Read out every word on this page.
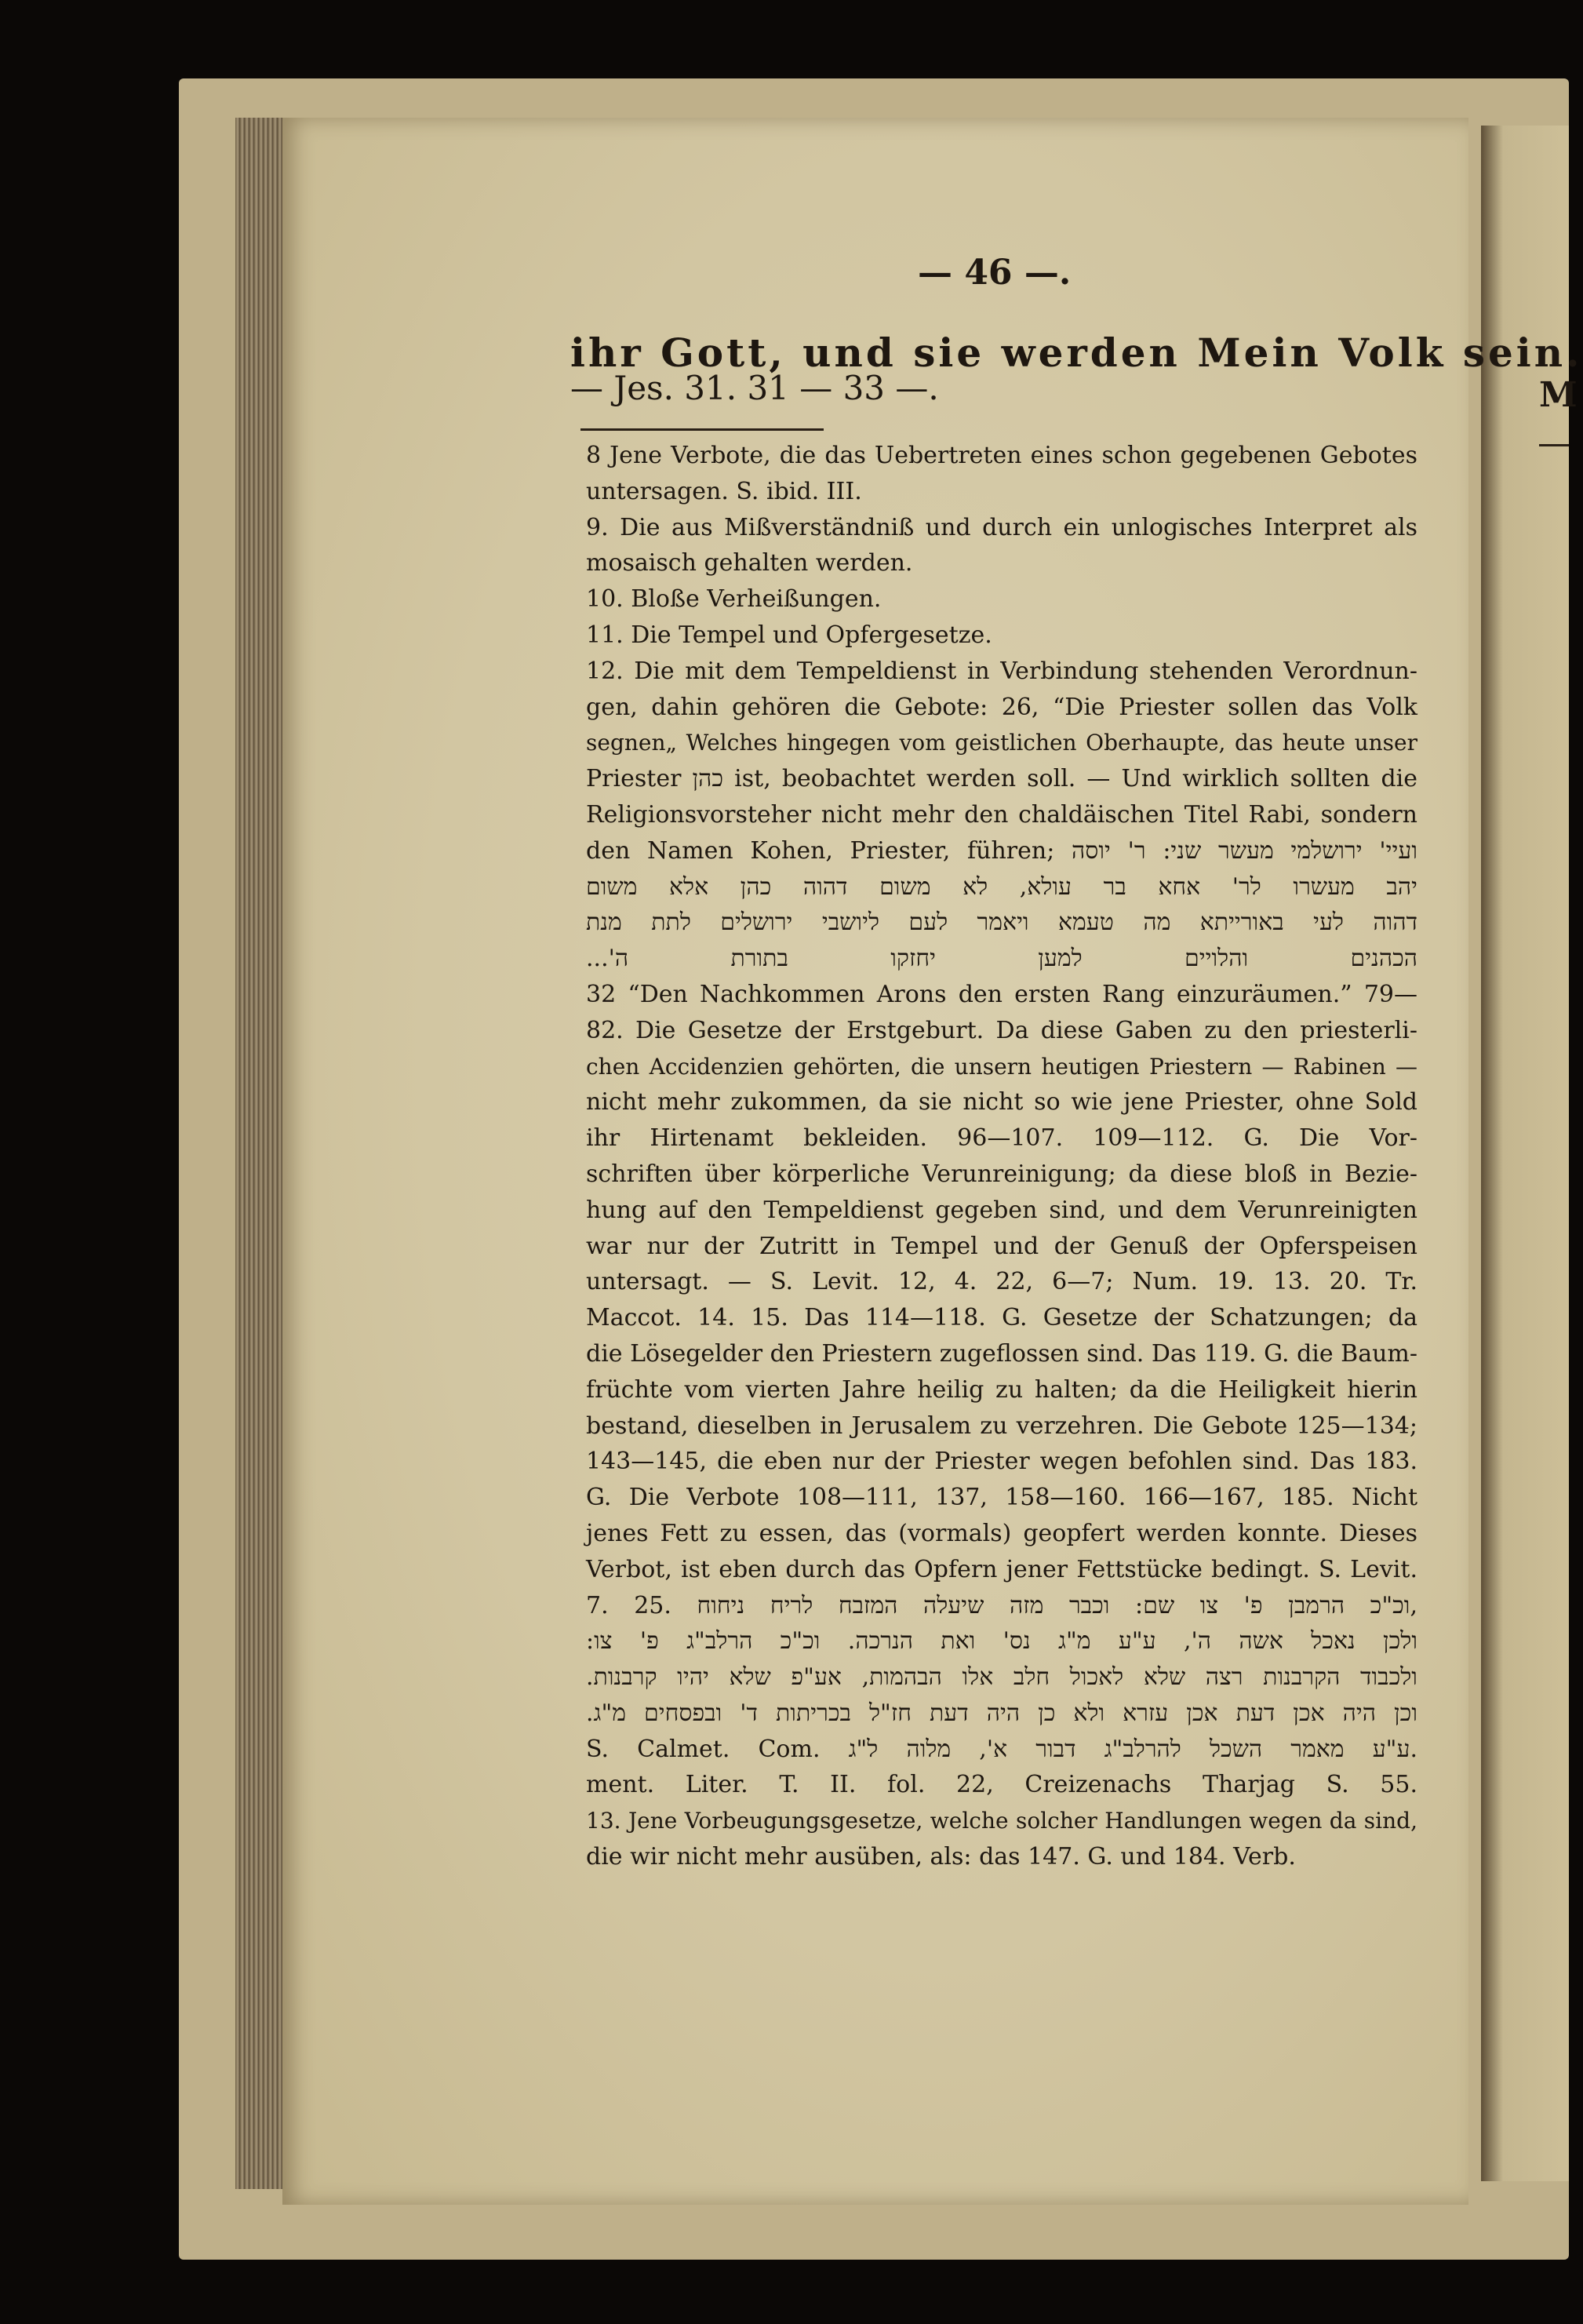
M
— 46 —.
ihr Gott, und sie werden Mein Volk sein.
— Jes. 31. 31 — 33 —.
8 Jene Verbote, die das Uebertreten eines schon gegebenen Gebotes
untersagen. S. ibid. III.
9. Die aus Mißverständniß und durch ein unlogisches Interpret als
mosaisch gehalten werden.
10. Bloße Verheißungen.
11. Die Tempel und Opfergesetze.
12. Die mit dem Tempeldienst in Verbindung stehenden Verordnun-
gen, dahin gehören die Gebote: 26, “Die Priester sollen das Volk
segnen„ Welches hingegen vom geistlichen Oberhaupte, das heute unser
Priester כהן ist, beobachtet werden soll. — Und wirklich sollten die
Religionsvorsteher nicht mehr den chaldäischen Titel Rabi, sondern
den Namen Kohen, Priester, führen; ועיי' ירושלמי מעשר שני: ר' יוסה
יהב מעשרו לר' אחא בר עולא, לא משום דהוה כהן אלא משום
דהוה לעי באורייתא מה טעמא ויאמר לעם ליושבי ירושלים לתת מנת
הכהנים והלויים למען יחזקו בתורת ה'...
32 “Den Nachkommen Arons den ersten Rang einzuräumen.” 79—
82. Die Gesetze der Erstgeburt. Da diese Gaben zu den priesterli-
chen Accidenzien gehörten, die unsern heutigen Priestern — Rabinen —
nicht mehr zukommen, da sie nicht so wie jene Priester, ohne Sold
ihr Hirtenamt bekleiden. 96—107. 109—112. G. Die Vor-
schriften über körperliche Verunreinigung; da diese bloß in Bezie-
hung auf den Tempeldienst gegeben sind, und dem Verunreinigten
war nur der Zutritt in Tempel und der Genuß der Opferspeisen
untersagt. — S. Levit. 12, 4. 22, 6—7; Num. 19. 13. 20. Tr.
Maccot. 14. 15. Das 114—118. G. Gesetze der Schatzungen; da
die Lösegelder den Priestern zugeflossen sind. Das 119. G. die Baum-
früchte vom vierten Jahre heilig zu halten; da die Heiligkeit hierin
bestand, dieselben in Jerusalem zu verzehren. Die Gebote 125—134;
143—145, die eben nur der Priester wegen befohlen sind. Das 183.
G. Die Verbote 108—111, 137, 158—160. 166—167, 185. Nicht
jenes Fett zu essen, das (vormals) geopfert werden konnte. Dieses
Verbot, ist eben durch das Opfern jener Fettstücke bedingt. S. Levit.
7. 25. וכ"כ הרמבן פ' צו שם: וכבר מזה שיעלה המזבח לריח ניחוח,
ולכן נאכל אשה ה', ע"ע מ"ג נס' ואת הנרכה. וכ"כ הרלב"ג פ' צו:
ולכבוד הקרבנות רצה שלא לאכול חלב אלו הבהמות, אע"פ שלא יהיו קרבנות.
וכן היה אכן דעת אכן עזרא ולא כן היה דעת חז"ל בכריתות ד' ובפסחים מ"ג.
S. Calmet. Com. ע"ע מאמר השכל להרלב"ג דבור א', מלוה ל"ג.
ment. Liter. T. II. fol. 22, Creizenachs Tharjag S. 55.
13. Jene Vorbeugungsgesetze, welche solcher Handlungen wegen da sind,
die wir nicht mehr ausüben, als: das 147. G. und 184. Verb.
